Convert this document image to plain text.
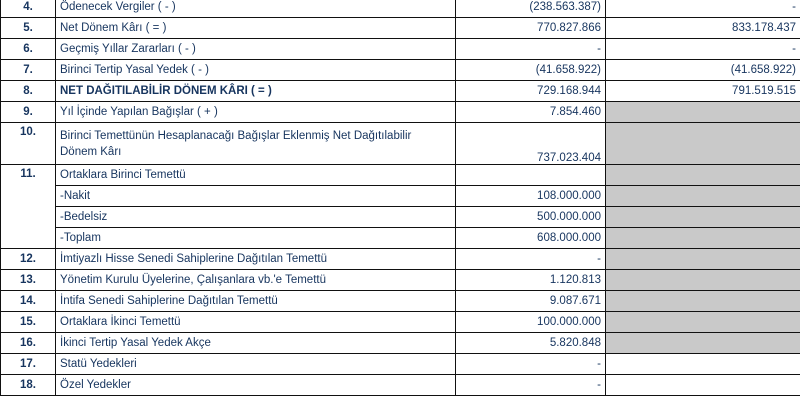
4.	Ödenecek Vergiler ( - )	(238.563.387)	-
5.	Net Dönem Kârı ( = )	770.827.866	833.178.437
6.	Geçmiş Yıllar Zararları ( - )	-	-
7.	Birinci Tertip Yasal Yedek ( - )	(41.658.922)	(41.658.922)
8.	NET DAĞITILABİLİR DÖNEM KÂRI ( = )	729.168.944	791.519.515
9.	Yıl İçinde Yapılan Bağışlar ( + )	7.854.460	
10.	Birinci Temettünün Hesaplanacağı Bağışlar Eklenmiş Net Dağıtılabilir Dönem Kârı	737.023.404	
11.	Ortaklara Birinci Temettü		
	-Nakit	108.000.000	
	-Bedelsiz	500.000.000	
	-Toplam	608.000.000	
12.	İmtiyazlı Hisse Senedi Sahiplerine Dağıtılan Temettü	-	
13.	Yönetim Kurulu Üyelerine, Çalışanlara vb.'e Temettü	1.120.813	
14.	İntifa Senedi Sahiplerine Dağıtılan Temettü	9.087.671	
15.	Ortaklara İkinci Temettü	100.000.000	
16.	İkinci Tertip Yasal Yedek Akçe	5.820.848	
17.	Statü Yedekleri	-	
18.	Özel Yedekler	-	
